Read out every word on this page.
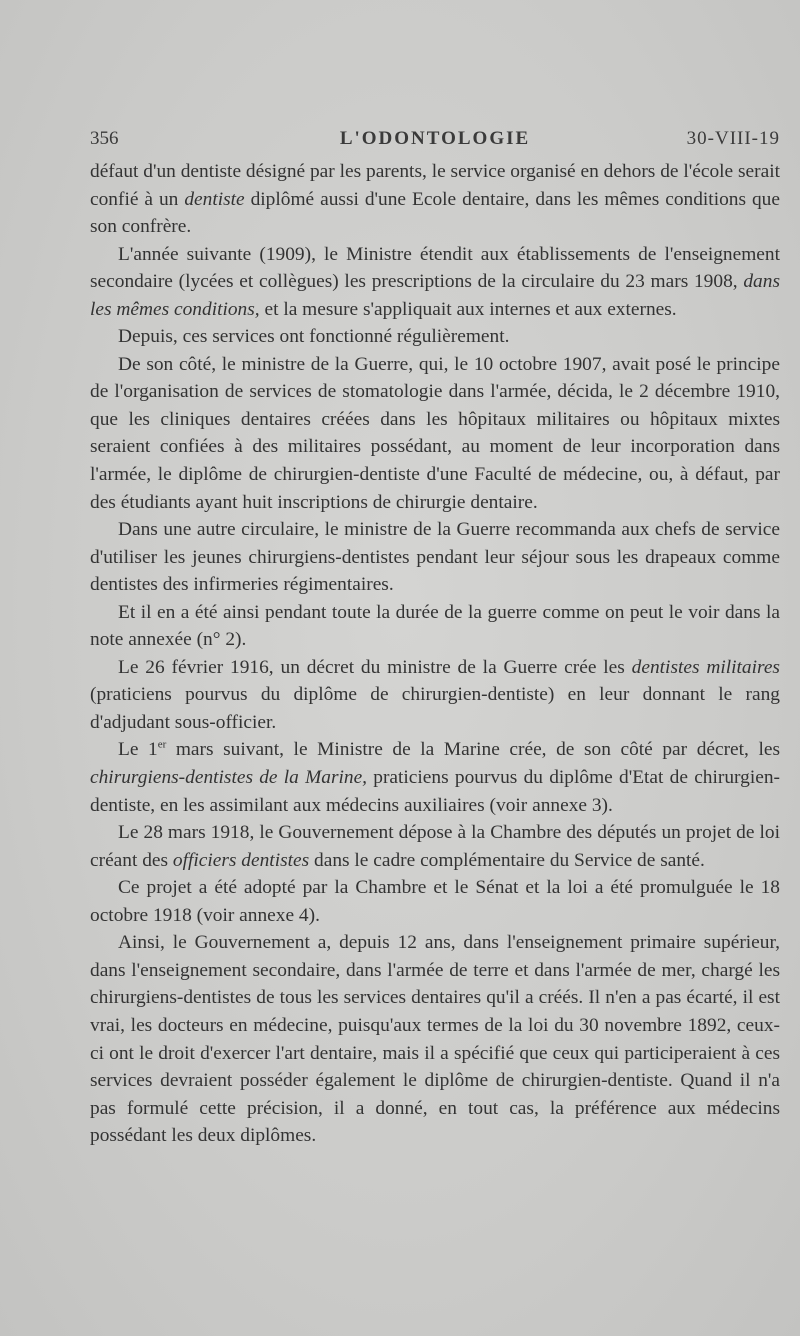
356	L'ODONTOLOGIE	30-VIII-19

défaut d'un dentiste désigné par les parents, le service organisé en dehors de l'école serait confié à un dentiste diplômé aussi d'une Ecole dentaire, dans les mêmes conditions que son confrère.

L'année suivante (1909), le Ministre étendit aux établissements de l'enseignement secondaire (lycées et collègues) les prescriptions de la circulaire du 23 mars 1908, dans les mêmes conditions, et la mesure s'appliquait aux internes et aux externes.

Depuis, ces services ont fonctionné régulièrement.

De son côté, le ministre de la Guerre, qui, le 10 octobre 1907, avait posé le principe de l'organisation de services de stomatologie dans l'armée, décida, le 2 décembre 1910, que les cliniques dentaires créées dans les hôpitaux militaires ou hôpitaux mixtes seraient confiées à des militaires possédant, au moment de leur incorporation dans l'armée, le diplôme de chirurgien-dentiste d'une Faculté de médecine, ou, à défaut, par des étudiants ayant huit inscriptions de chirurgie dentaire.

Dans une autre circulaire, le ministre de la Guerre recommanda aux chefs de service d'utiliser les jeunes chirurgiens-dentistes pendant leur séjour sous les drapeaux comme dentistes des infirmeries régimentaires.

Et il en a été ainsi pendant toute la durée de la guerre comme on peut le voir dans la note annexée (n° 2).

Le 26 février 1916, un décret du ministre de la Guerre crée les dentistes militaires (praticiens pourvus du diplôme de chirurgien-dentiste) en leur donnant le rang d'adjudant sous-officier.

Le 1er mars suivant, le Ministre de la Marine crée, de son côté par décret, les chirurgiens-dentistes de la Marine, praticiens pourvus du diplôme d'Etat de chirurgien-dentiste, en les assimilant aux médecins auxiliaires (voir annexe 3).

Le 28 mars 1918, le Gouvernement dépose à la Chambre des députés un projet de loi créant des officiers dentistes dans le cadre complémentaire du Service de santé.

Ce projet a été adopté par la Chambre et le Sénat et la loi a été promulguée le 18 octobre 1918 (voir annexe 4).

Ainsi, le Gouvernement a, depuis 12 ans, dans l'enseignement primaire supérieur, dans l'enseignement secondaire, dans l'armée de terre et dans l'armée de mer, chargé les chirurgiens-dentistes de tous les services dentaires qu'il a créés. Il n'en a pas écarté, il est vrai, les docteurs en médecine, puisqu'aux termes de la loi du 30 novembre 1892, ceux-ci ont le droit d'exercer l'art dentaire, mais il a spécifié que ceux qui participeraient à ces services devraient posséder également le diplôme de chirurgien-dentiste. Quand il n'a pas formulé cette précision, il a donné, en tout cas, la préférence aux médecins possédant les deux diplômes.
